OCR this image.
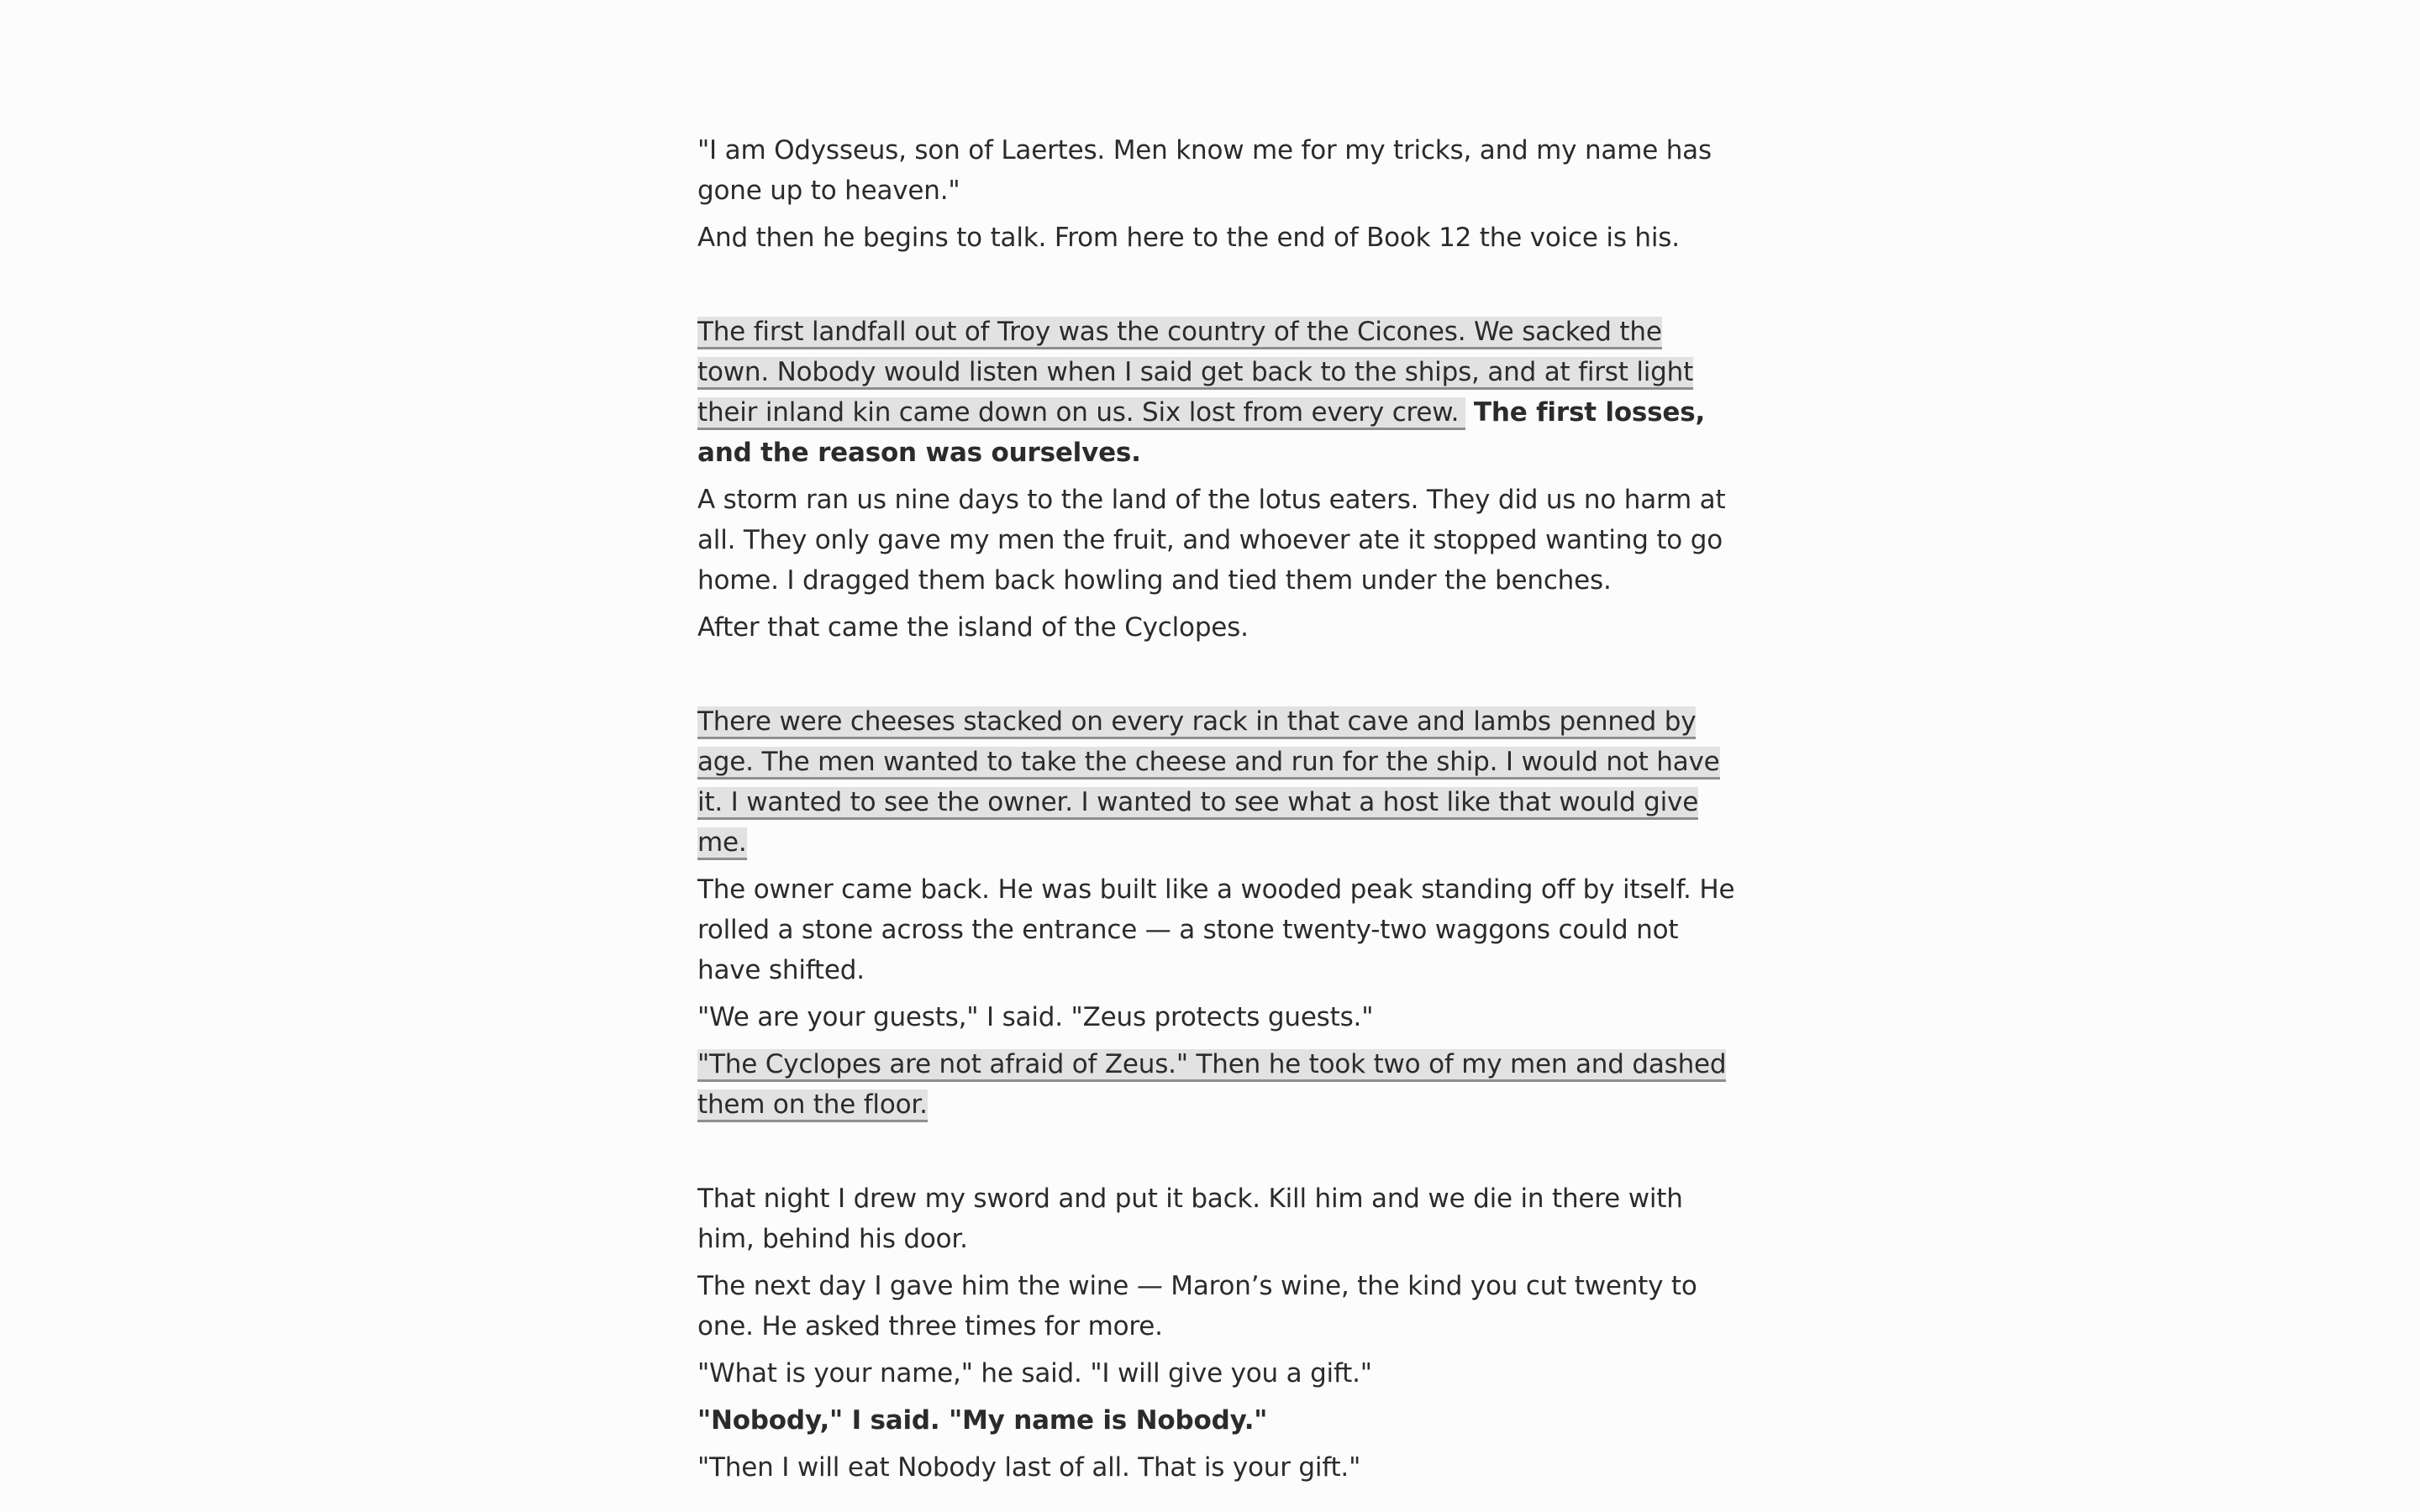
"I am Odysseus, son of Laertes. Men know me for my tricks, and my name has gone up to heaven."

And then he begins to talk. From here to the end of Book 12 the voice is his.

The first landfall out of Troy was the country of the Cicones. We sacked the town. Nobody would listen when I said get back to the ships, and at first light their inland kin came down on us. Six lost from every crew. The first losses, and the reason was ourselves.

A storm ran us nine days to the land of the lotus eaters. They did us no harm at all. They only gave my men the fruit, and whoever ate it stopped wanting to go home. I dragged them back howling and tied them under the benches.

After that came the island of the Cyclopes.

There were cheeses stacked on every rack in that cave and lambs penned by age. The men wanted to take the cheese and run for the ship. I would not have it. I wanted to see the owner. I wanted to see what a host like that would give me.

The owner came back. He was built like a wooded peak standing off by itself. He rolled a stone across the entrance — a stone twenty-two waggons could not have shifted.

"We are your guests," I said. "Zeus protects guests."

"The Cyclopes are not afraid of Zeus." Then he took two of my men and dashed them on the floor.

That night I drew my sword and put it back. Kill him and we die in there with him, behind his door.

The next day I gave him the wine — Maron’s wine, the kind you cut twenty to one. He asked three times for more.

"What is your name," he said. "I will give you a gift."

"Nobody," I said. "My name is Nobody."

"Then I will eat Nobody last of all. That is your gift."
